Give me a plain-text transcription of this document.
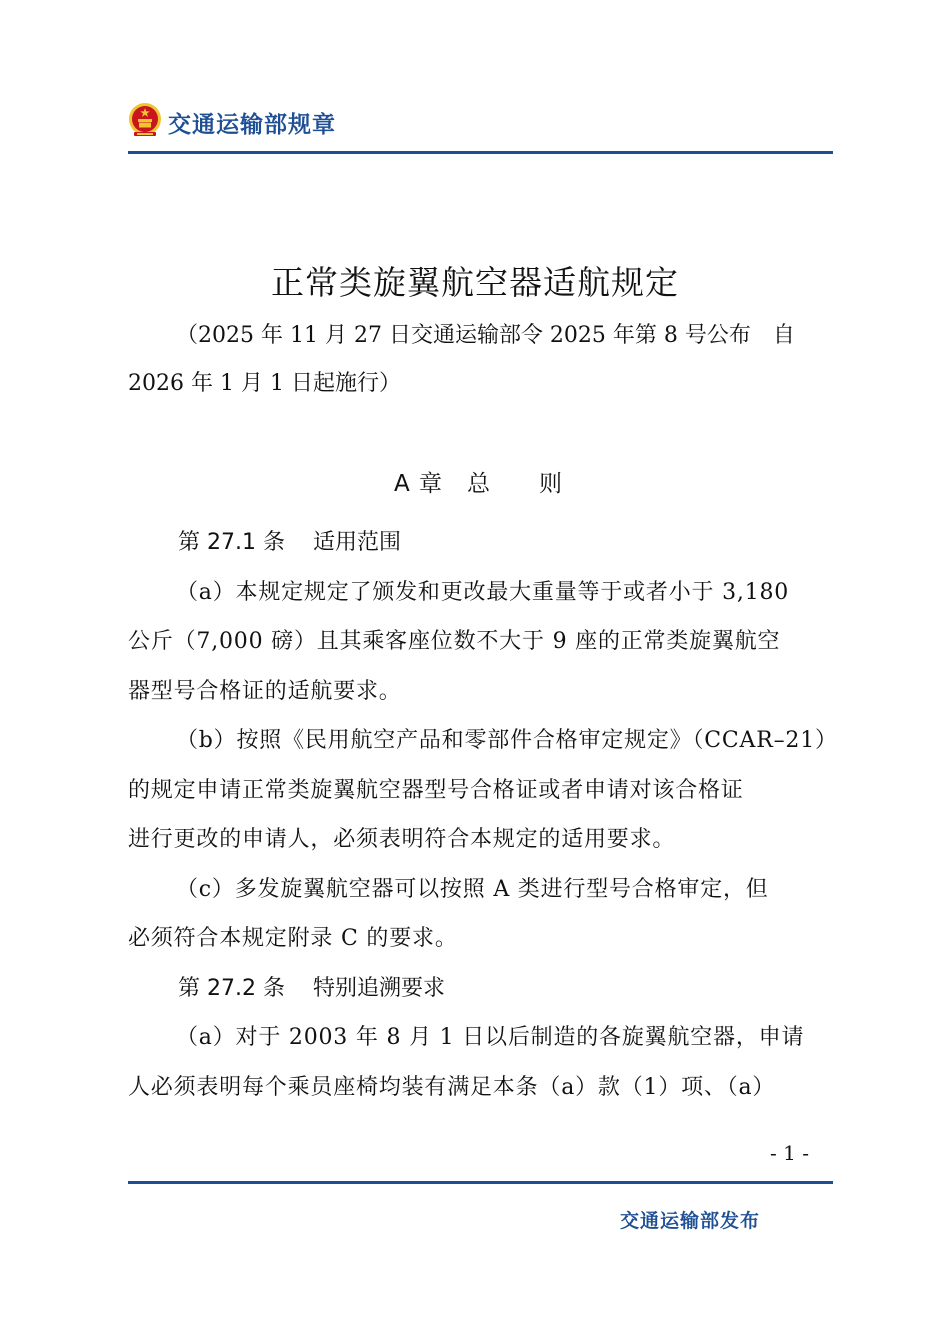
交通运输部规章
正常类旋翼航空器适航规定
（2025 年 11 月 27 日交通运输部令 2025 年第 8 号公布　自
2026 年 1 月 1 日起施行）
A 章　总　　则
第 27.1 条 适用范围
（a）本规定规定了颁发和更改最大重量等于或者小于 3,180
公斤（7,000 磅）且其乘客座位数不大于 9 座的正常类旋翼航空
器型号合格证的适航要求。
（b）按照《民用航空产品和零部件合格审定规定》（CCAR–21）
的规定申请正常类旋翼航空器型号合格证或者申请对该合格证
进行更改的申请人，必须表明符合本规定的适用要求。
（c）多发旋翼航空器可以按照 A 类进行型号合格审定，但
必须符合本规定附录 C 的要求。
第 27.2 条 特别追溯要求
（a）对于 2003 年 8 月 1 日以后制造的各旋翼航空器，申请
人必须表明每个乘员座椅均装有满足本条（a）款（1）项、（a）
- 1 -
交通运输部发布
